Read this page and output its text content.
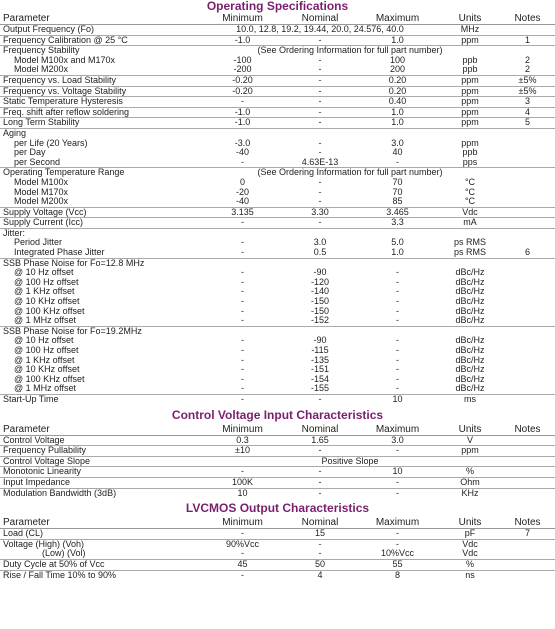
Operating Specifications
Parameter	Minimum	Nominal	Maximum	Units	Notes
Output Frequency (Fo)	10.0, 12.8, 19.2, 19.44, 20.0, 24.576, 40.0			MHz	
Frequency Calibration @ 25 °C	-1.0	-	1.0	ppm	1
Frequency Stability	(See Ordering Information for full part number)				
Model M100x and M170x	-100	-	100	ppb	2
Model M200x	-200	-	200	ppb	2
Frequency vs. Load Stability	-0.20	-	0.20	ppm	±5%
Frequency vs. Voltage Stability	-0.20	-	0.20	ppm	±5%
Static Temperature Hysteresis	-	-	0.40	ppm	3
Freq. shift after reflow soldering	-1.0	-	1.0	ppm	4
Long Term Stability	-1.0	-	1.0	ppm	5
Aging					
per Life (20 Years)	-3.0	-	3.0	ppm	
per Day	-40	-	40	ppb	
per Second	-	4.63E-13	-	pps	
Operating Temperature Range	(See Ordering Information for full part number)				
Model M100x	0	-	70	°C	
Model M170x	-20	-	70	°C	
Model M200x	-40	-	85	°C	
Supply Voltage (Vcc)	3.135	3.30	3.465	Vdc	
Supply Current (Icc)	-	-	3.3	mA	
Jitter:					
Period Jitter	-	3.0	5.0	ps RMS	
Integrated Phase Jitter	-	0.5	1.0	ps RMS	6
SSB Phase Noise for Fo=12.8 MHz					
@ 10 Hz offset	-	-90	-	dBc/Hz	
@ 100 Hz offset	-	-120	-	dBc/Hz	
@ 1 KHz offset	-	-140	-	dBc/Hz	
@ 10 KHz offset	-	-150	-	dBc/Hz	
@ 100 KHz offset	-	-150	-	dBc/Hz	
@ 1 MHz offset	-	-152	-	dBc/Hz	
SSB Phase Noise for Fo=19.2MHz					
@ 10 Hz offset	-	-90	-	dBc/Hz	
@ 100 Hz offset	-	-115	-	dBc/Hz	
@ 1 KHz offset	-	-135	-	dBc/Hz	
@ 10 KHz offset	-	-151	-	dBc/Hz	
@ 100 KHz offset	-	-154	-	dBc/Hz	
@ 1 MHz offset	-	-155	-	dBc/Hz	
Start-Up Time	-	-	10	ms	
Control Voltage Input Characteristics
Parameter	Minimum	Nominal	Maximum	Units	Notes
Control Voltage	0.3	1.65	3.0	V	
Frequency Pullability	±10	-	-	ppm	
Control Voltage Slope	Positive Slope				
Monotonic Linearity	-	-	10	%	
Input Impedance	100K	-	-	Ohm	
Modulation Bandwidth (3dB)	10	-	-	KHz	
LVCMOS Output Characteristics
Parameter	Minimum	Nominal	Maximum	Units	Notes
Load (CL)	-	15	-	pF	7
Voltage (High) (Voh)	90%Vcc	-	-	Vdc	
(Low) (Vol)	-	-	10%Vcc	Vdc	
Duty Cycle at 50% of Vcc	45	50	55	%	
Rise / Fall Time 10% to 90%	-	4	8	ns	
